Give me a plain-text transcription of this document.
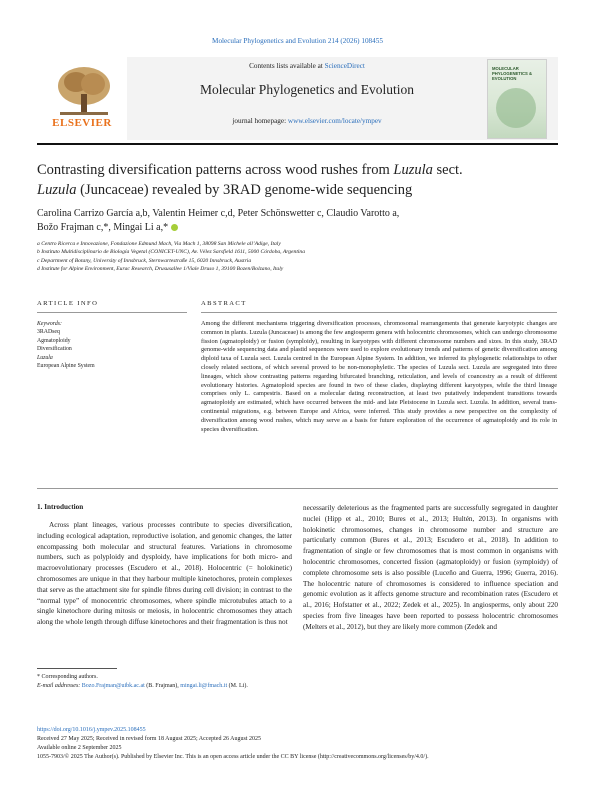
Molecular Phylogenetics and Evolution 214 (2026) 108455
ELSEVIER
Contents lists available at ScienceDirect
Molecular Phylogenetics and Evolution
journal homepage: www.elsevier.com/locate/ympev
MOLECULAR PHYLOGENETICS & EVOLUTION
Contrasting diversification patterns across wood rushes from Luzula sect.
Luzula (Juncaceae) revealed by 3RAD genome-wide sequencing
Carolina Carrizo García a,b, Valentin Heimer c,d, Peter Schönswetter c, Claudio Varotto a,
Božo Frajman c,*, Mingai Li a,*
a Centro Ricerca e Innovazione, Fondazione Edmund Mach, Via Mach 1, 38098 San Michele all’Adige, Italy
b Instituto Multidisciplinario de Biología Vegetal (CONICET-UNC), Av. Vélez Sarsfield 1611, 5000 Córdoba, Argentina
c Department of Botany, University of Innsbruck, Sternwartestraße 15, 6020 Innsbruck, Austria
d Institute for Alpine Environment, Eurac Research, Drususallee 1/Viale Druso 1, 39100 Bozen/Bolzano, Italy
ARTICLE INFO	ABSTRACT
Keywords:
3RADseq
Agmatoploidy
Diversification
Luzula
European Alpine System
Among the different mechanisms triggering diversification processes, chromosomal rearrangements that generate karyotypic changes are common in plants. Luzula (Juncaceae) is among the few angiosperm genera with holocentric chromosomes, which can undergo chromosome fission (agmatoploidy) or fusion (symploidy), resulting in karyotypes with different chromosome numbers and sizes. In this study, 3RAD genome-wide sequencing data and plastid sequences were used to explore evolutionary trends and patterns of genetic diversification among diploid taxa of Luzula sect. Luzula centred in the European Alpine System. In addition, we inferred its phylogenetic relationships to other closely related sections, of which several proved to be non-monophyletic. The species of Luzula sect. Luzula are segregated into three lineages, which show contrasting patterns regarding bifurcated branching, reticulation, and levels of coancestry as a result of different evolutionary histories. Agmatoploid species are found in two of these clades, displaying different karyotypes, while the third lineage comprises only L. campestris. Based on a molecular dating reconstruction, at least two putatively independent transitions towards agmatoploidy are estimated, which have occurred between the mid- and late Pleistocene in Luzula sect. Luzula. In addition, several trans-continental migrations, e.g. between Europe and Africa, were inferred. This study provides a new perspective on the complexity of diversification among wood rushes, which may serve as a basis for future exploration of the occurrence of agmatoploidy and its role in species diversification.
1. Introduction
Across plant lineages, various processes contribute to species diversification, including ecological adaptation, reproductive isolation, and genomic changes, the latter encompassing both molecular and structural features. Variations in chromosome numbers, such as polyploidy and dysploidy, have implications for both micro- and macroevolutionary processes (Escudero et al., 2018). Holocentric (= holokinetic) chromosomes are unique in that they harbour multiple kinetochores, protein complexes that serve as the attachment site for spindle fibres during cell division; in contrast to the “normal type” of monocentric chromosomes, where spindle microtubules attach to a single kinetochore during mitosis or meiosis, in holocentric chromosomes they attach along the whole length through diffuse kinetochores and their fragmentation is thus not
necessarily deleterious as the fragmented parts are successfully segregated in daughter nuclei (Hipp et al., 2010; Bures et al., 2013; Hultén, 2013). In organisms with holokinetic chromosomes, changes in chromosome number and structure are particularly common (Bures et al., 2013; Escudero et al., 2018). In addition to fragmentation of single or few chromosomes that is most common in organisms with holocentric chromosomes, concerted fission (agmatoploidy) or fusion (symploidy) of complete chromosome sets is also possible (Luceño and Guerra, 1996; Guerra, 2016). The holocentric nature of chromosomes is considered to influence speciation and genomic evolution as it affects genome structure and recombination rates (Escudero et al., 2016; Hofstatter et al., 2022; Zedek et al., 2025). In angiosperms, only about 220 species from five lineages have been reported to possess holocentric chromosomes (Melters et al., 2012), but they are likely more common (Zedek and
* Corresponding authors.
E-mail addresses: Bozo.Frajman@uibk.ac.at (B. Frajman), mingai.li@fmach.it (M. Li).
https://doi.org/10.1016/j.ympev.2025.108455
Received 27 May 2025; Received in revised form 18 August 2025; Accepted 26 August 2025
Available online 2 September 2025
1055-7903/© 2025 The Author(s). Published by Elsevier Inc. This is an open access article under the CC BY license (http://creativecommons.org/licenses/by/4.0/).
